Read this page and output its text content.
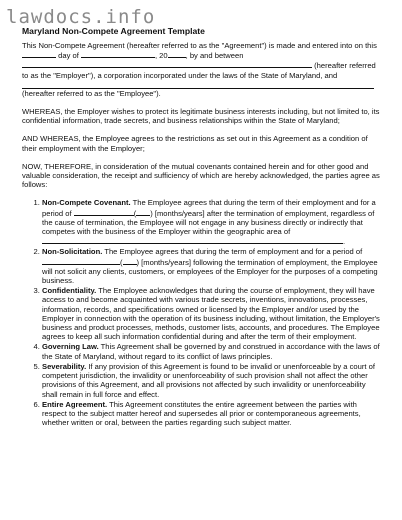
lawdocs.info
Maryland Non-Compete Agreement Template

This Non-Compete Agreement (hereafter referred to as the "Agreement") is made and entered into on this  day of	, 20 , by and between  (hereafter referred to as the "Employer"), a corporation incorporated under the laws of the State of Maryland, and
(hereafter referred to as the "Employee").

WHEREAS, the Employer wishes to protect its legitimate business interests including, but not limited to, its confidential information, trade secrets, and business relationships within the State of Maryland;

AND WHEREAS, the Employee agrees to the restrictions as set out in this Agreement as a condition of their employment with the Employer;

NOW, THEREFORE, in consideration of the mutual covenants contained herein and for other good and valuable consideration, the receipt and sufficiency of which are hereby acknowledged, the parties agree as follows:

1. Non-Compete Covenant. The Employee agrees that during the term of their employment and for a period of	( ) [months/years] after the termination of employment, regardless of the cause of termination, the Employee will not engage in any business directly or indirectly that competes with the business of the Employer within the geographic area of .
2. Non-Solicitation. The Employee agrees that during the term of employment and for a period of ( ) [months/years] following the termination of employment, the Employee will not solicit any clients, customers, or employees of the Employer for the purposes of a competing business.
3. Confidentiality. The Employee acknowledges that during the course of employment, they will have access to and become acquainted with various trade secrets, inventions, innovations, processes, information, records, and specifications owned or licensed by the Employer and/or used by the Employer in connection with the operation of its business including, without limitation, the Employer's business and product processes, methods, customer lists, accounts, and procedures. The Employee agrees to keep all such information confidential during and after the term of their employment.
4. Governing Law. This Agreement shall be governed by and construed in accordance with the laws of the State of Maryland, without regard to its conflict of laws principles.
5. Severability. If any provision of this Agreement is found to be invalid or unenforceable by a court of competent jurisdiction, the invalidity or unenforceability of such provision shall not affect the other provisions of this Agreement, and all provisions not affected by such invalidity or unenforceability shall remain in full force and effect.
6. Entire Agreement. This Agreement constitutes the entire agreement between the parties with respect to the subject matter hereof and supersedes all prior or contemporaneous agreements, whether written or oral, between the parties regarding such subject matter.
